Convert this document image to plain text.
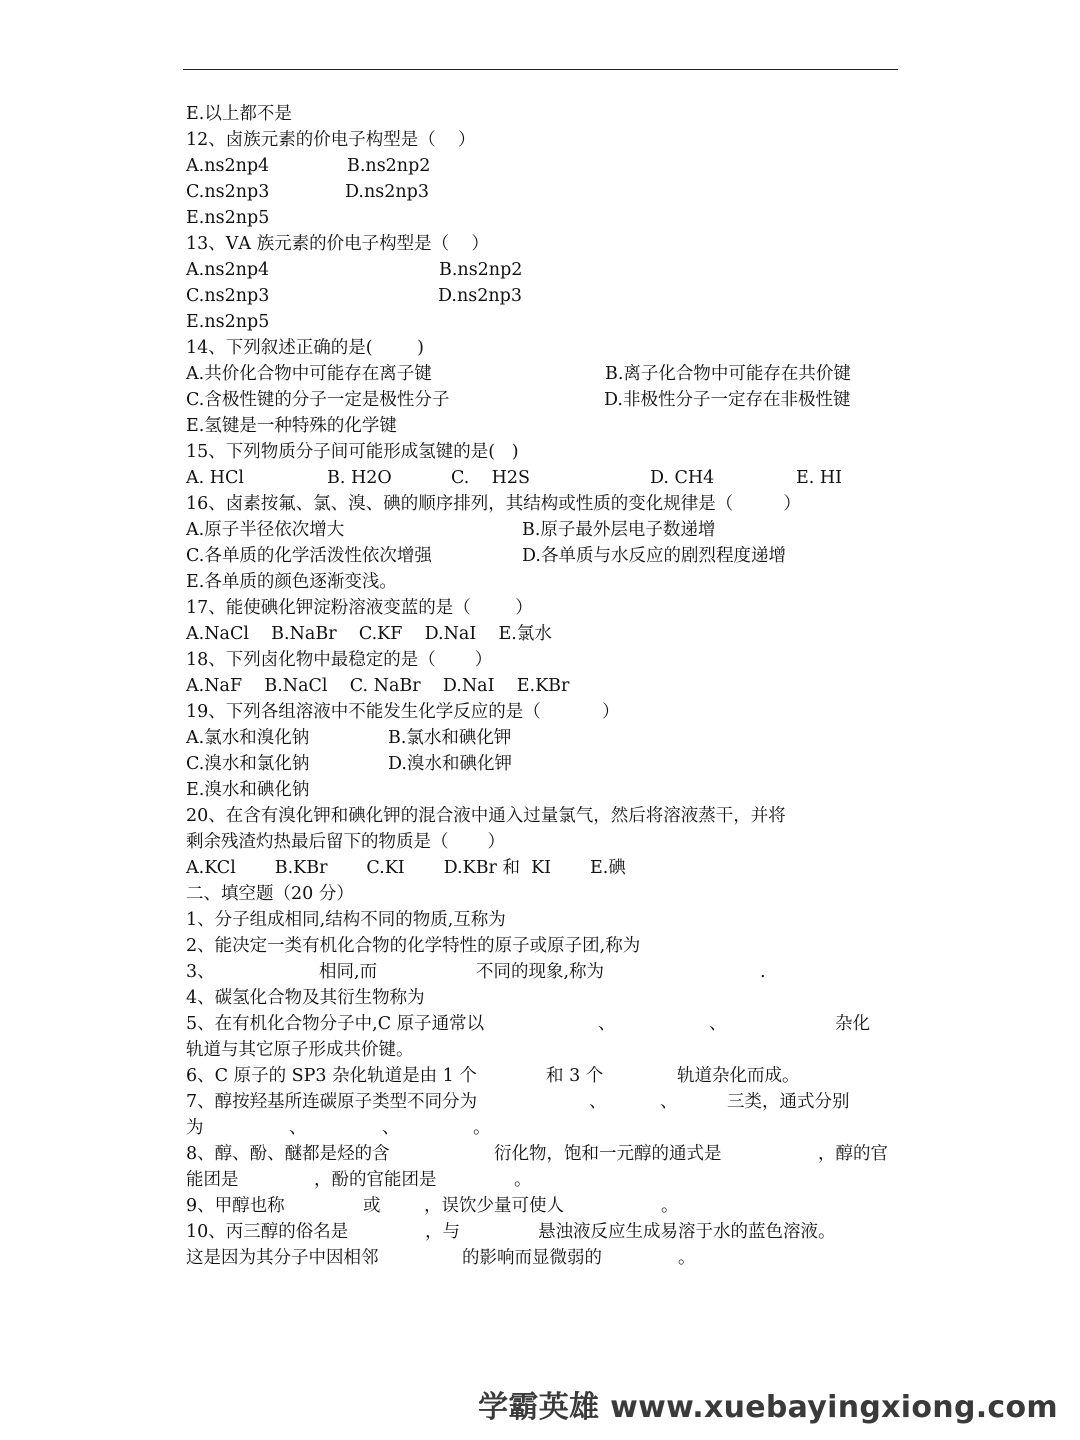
E.以上都不是
12、卤族元素的价电子构型是（    ）
A.ns2np4	B.ns2np2
C.ns2np3	D.ns2np3
E.ns2np5
13、ⅤA 族元素的价电子构型是（    ）
A.ns2np4	B.ns2np2
C.ns2np3	D.ns2np3
E.ns2np5
14、下列叙述正确的是(        )
A.共价化合物中可能存在离子键	B.离子化合物中可能存在共价键
C.含极性键的分子一定是极性分子	D.非极性分子一定存在非极性键
E.氢键是一种特殊的化学键
15、下列物质分子间可能形成氢键的是(   )
A. HCl	B. H2O	C.    H2S	D. CH4	E. HI
16、卤素按氟、氯、溴、碘的顺序排列，其结构或性质的变化规律是（         ）
A.原子半径依次增大	B.原子最外层电子数递增
C.各单质的化学活泼性依次增强	D.各单质与水反应的剧烈程度递增
E.各单质的颜色逐渐变浅。
17、能使碘化钾淀粉溶液变蓝的是（        ）
A.NaCl    B.NaBr    C.KF    D.NaI    E.氯水
18、下列卤化物中最稳定的是（       ）
A.NaF    B.NaCl    C. NaBr    D.NaI    E.KBr
19、下列各组溶液中不能发生化学反应的是（           ）
A.氯水和溴化钠	B.氯水和碘化钾
C.溴水和氯化钠	D.溴水和碘化钾
E.溴水和碘化钠
20、在含有溴化钾和碘化钾的混合液中通入过量氯气，然后将溶液蒸干，并将
剩余残渣灼热最后留下的物质是（       ）
A.KCl       B.KBr       C.KI       D.KBr 和  KI       E.碘
二、填空题（20 分）
1、分子组成相同,结构不同的物质,互称为
2、能决定一类有机化合物的化学特性的原子或原子团,称为
3、	相同,而	不同的现象,称为	.
4、碳氢化合物及其衍生物称为
5、在有机化合物分子中,C 原子通常以	、	、	杂化
轨道与其它原子形成共价键。
6、C 原子的 SP3 杂化轨道是由 1 个	和 3 个	轨道杂化而成。
7、醇按羟基所连碳原子类型不同分为	、	、	三类，通式分别
为	、	、	。
8、醇、酚、醚都是烃的含	衍化物，饱和一元醇的通式是	，醇的官
能团是	，酚的官能团是	。
9、甲醇也称	或 ，误饮少量可使人	。
10、丙三醇的俗名是	，与	悬浊液反应生成易溶于水的蓝色溶液。
这是因为其分子中因相邻	的影响而显微弱的	。
学霸英雄 www.xuebayingxiong.com
